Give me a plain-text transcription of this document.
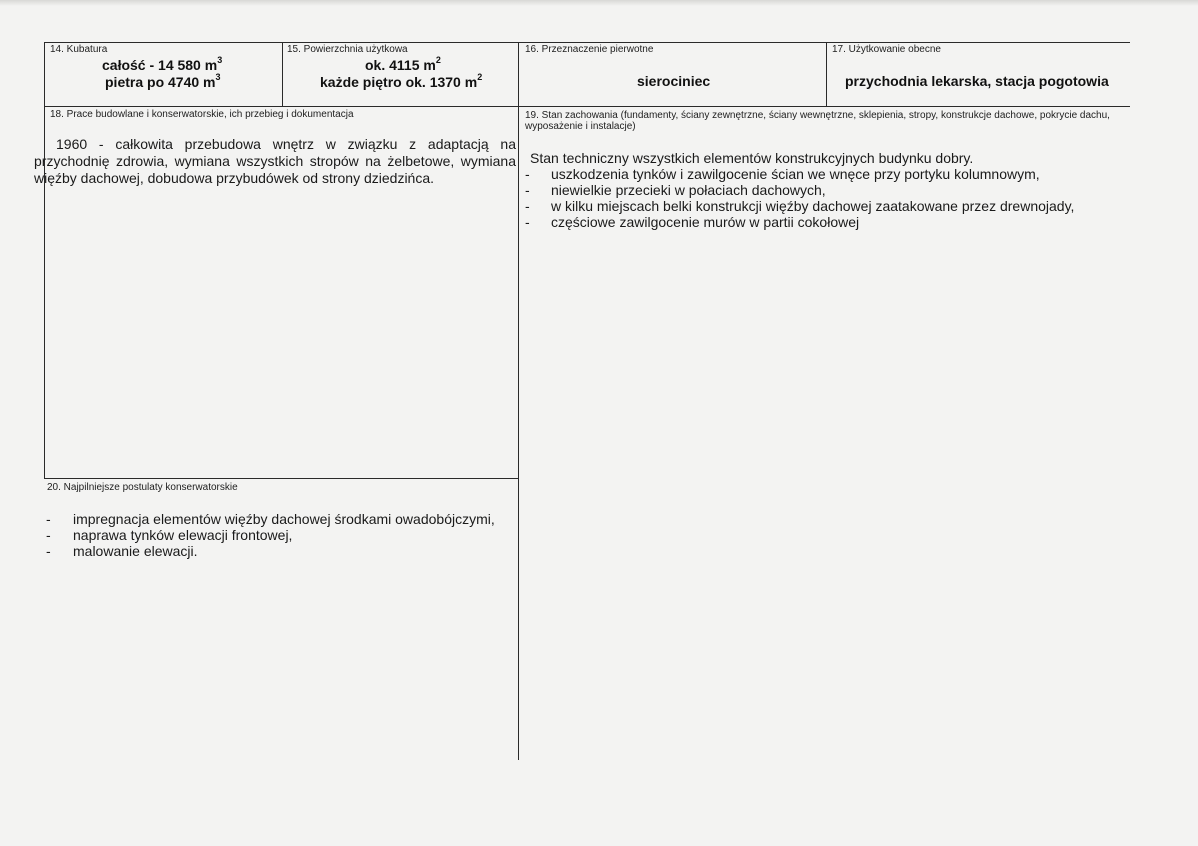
14. Kubatura
całość - 14 580 $m^3$
pietra po 4740 $m^3$
15. Powierzchnia użytkowa
ok. 4115 $m^2$
każde piętro ok. 1370 $m^2$
16. Przeznaczenie pierwotne
sierociniec
17. Użytkowanie obecne
przychodnia lekarska, stacja pogotowia
18. Prace budowlane i konserwatorskie, ich przebieg i dokumentacja
1960 - całkowita przebudowa wnętrz w związku z adaptacją na przychodnię zdrowia, wymiana wszystkich stropów na żelbetowe, wymiana więźby dachowej, dobudowa przybudówek od strony dziedzińca.
19. Stan zachowania (fundamenty, ściany zewnętrzne, ściany wewnętrzne, sklepienia, stropy, konstrukcje dachowe, pokrycie dachu, wyposażenie i instalacje)
Stan techniczny wszystkich elementów konstrukcyjnych budynku dobry.
- uszkodzenia tynków i zawilgocenie ścian we wnęce przy portyku kolumnowym,
- niewielkie przecieki w połaciach dachowych,
- w kilku miejscach belki konstrukcji więźby dachowej zaatakowane przez drewnojady,
- częściowe zawilgocenie murów w partii cokołowej
20. Najpilniejsze postulaty konserwatorskie
- impregnacja elementów więźby dachowej środkami owadobójczymi,
- naprawa tynków elewacji frontowej,
- malowanie elewacji.
